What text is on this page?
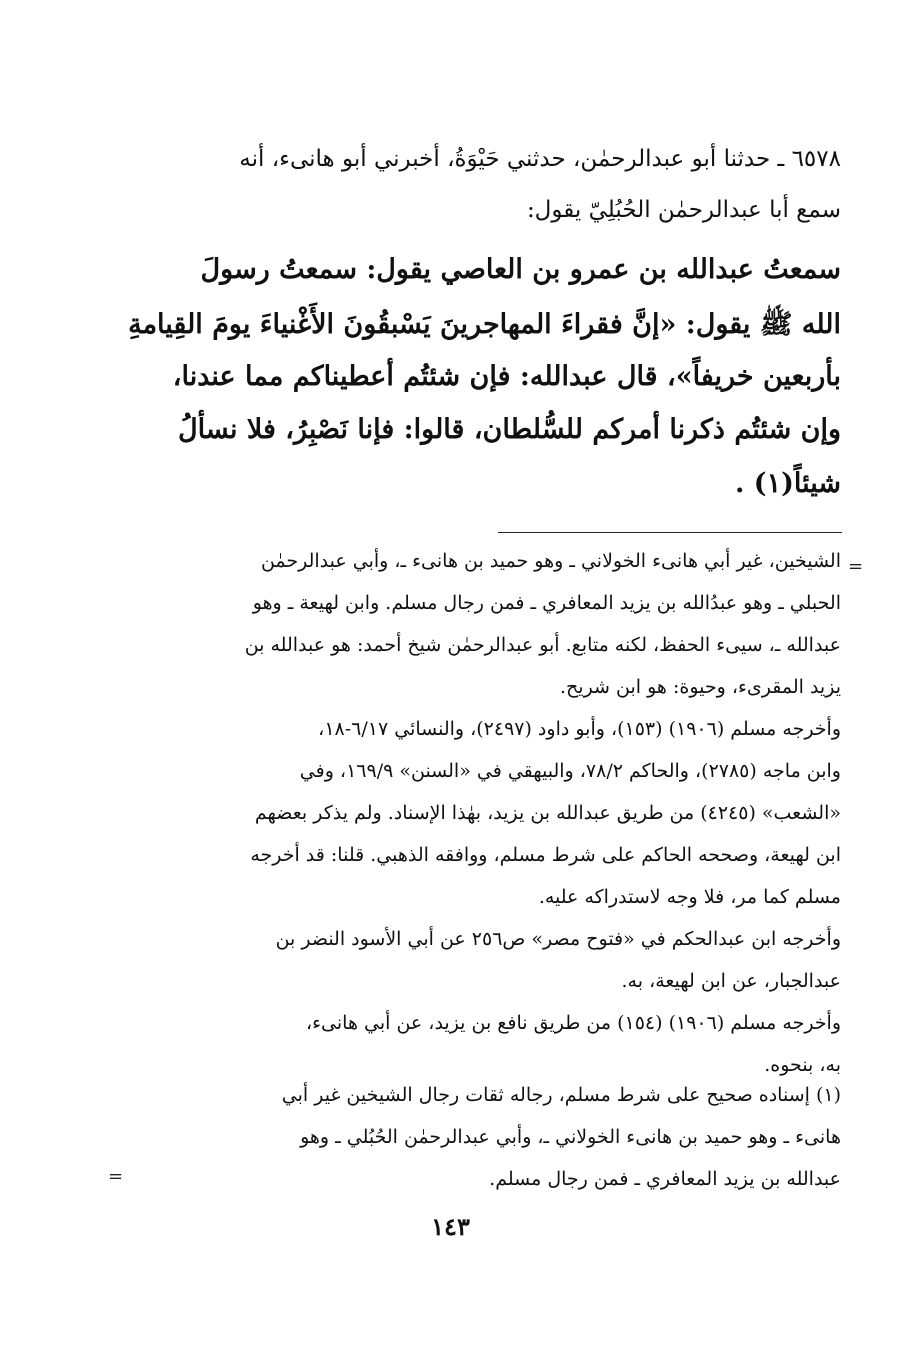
٦٥٧٨ ـ حدثنا أبو عبدالرحمٰن، حدثني حَيْوَةُ، أخبرني أبو هانىء، أنه
سمع أبا عبدالرحمٰن الحُبُلِيّ يقول:
سمعتُ عبدالله بن عمرو بن العاصي يقول: سمعتُ رسولَ
الله ﷺ يقول: «إنَّ فقراءَ المهاجرينَ يَسْبقُونَ الأَغْنياءَ يومَ القِيامةِ
بأربعين خريفاً»، قال عبدالله: فإن شئتُم أعطيناكم مما عندنا،
وإن شئتُم ذكرنا أمركم للسُّلطان، قالوا: فإنا نَصْبِرُ، فلا نسألُ
شيئاً(١) .
=
الشيخين، غير أبي هانىء الخولاني ـ وهو حميد بن هانىء ـ، وأبي عبدالرحمٰن
الحبلي ـ وهو عبدُالله بن يزيد المعافري ـ فمن رجال مسلم. وابن لهيعة ـ وهو
عبدالله ـ، سيىء الحفظ، لكنه متابع. أبو عبدالرحمٰن شيخ أحمد: هو عبدالله بن
يزيد المقرىء، وحيوة: هو ابن شريح.
وأخرجه مسلم (١٩٠٦) (١٥٣)، وأبو داود (٢٤٩٧)، والنسائي ٦/١٧-١٨،
وابن ماجه (٢٧٨٥)، والحاكم ٧٨/٢، والبيهقي في «السنن» ١٦٩/٩، وفي
«الشعب» (٤٢٤٥) من طريق عبدالله بن يزيد، بهٰذا الإسناد. ولم يذكر بعضهم
ابن لهيعة، وصححه الحاكم على شرط مسلم، ووافقه الذهبي. قلنا: قد أخرجه
مسلم كما مر، فلا وجه لاستدراكه عليه.
وأخرجه ابن عبدالحكم في «فتوح مصر» ص٢٥٦ عن أبي الأسود النضر بن
عبدالجبار، عن ابن لهيعة، به.
وأخرجه مسلم (١٩٠٦) (١٥٤) من طريق نافع بن يزيد، عن أبي هانىء،
به، بنحوه.
(١) إسناده صحيح على شرط مسلم، رجاله ثقات رجال الشيخين غير أبي
هانىء ـ وهو حميد بن هانىء الخولاني ـ، وأبي عبدالرحمٰن الحُبُلي ـ وهو
عبدالله بن يزيد المعافري ـ فمن رجال مسلم.
=
١٤٣
